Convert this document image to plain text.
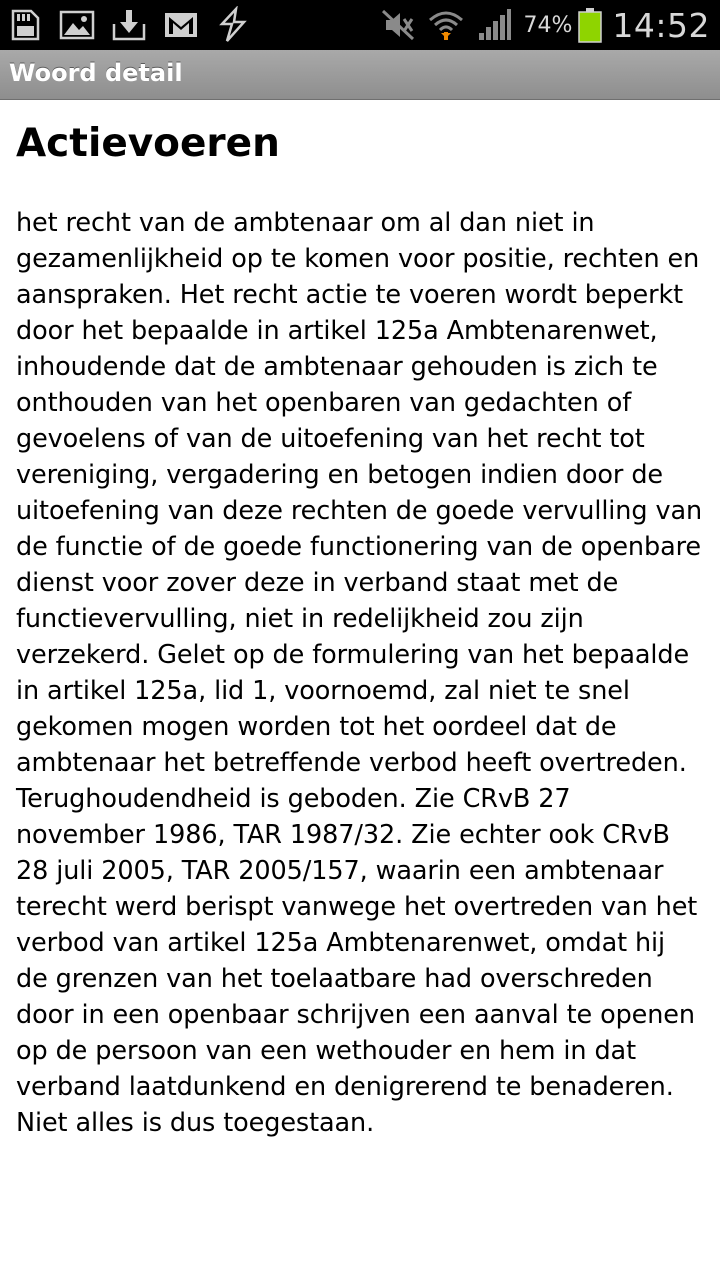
74% 14:52
Woord detail
Actievoeren

het recht van de ambtenaar om al dan niet in gezamenlijkheid op te komen voor positie, rechten en aanspraken. Het recht actie te voeren wordt beperkt door het bepaalde in artikel 125a Ambtenarenwet, inhoudende dat de ambtenaar gehouden is zich te onthouden van het openbaren van gedachten of gevoelens of van de uitoefening van het recht tot vereniging, vergadering en betogen indien door de uitoefening van deze rechten de goede vervulling van de functie of de goede functionering van de openbare dienst voor zover deze in verband staat met de functievervulling, niet in redelijkheid zou zijn verzekerd. Gelet op de formulering van het bepaalde in artikel 125a, lid 1, voornoemd, zal niet te snel gekomen mogen worden tot het oordeel dat de ambtenaar het betreffende verbod heeft overtreden. Terughoudendheid is geboden. Zie CRvB 27 november 1986, TAR 1987/32. Zie echter ook CRvB 28 juli 2005, TAR 2005/157, waarin een ambtenaar terecht werd berispt vanwege het overtreden van het verbod van artikel 125a Ambtenarenwet, omdat hij de grenzen van het toelaatbare had overschreden door in een openbaar schrijven een aanval te openen op de persoon van een wethouder en hem in dat verband laatdunkend en denigrerend te benaderen. Niet alles is dus toegestaan.
